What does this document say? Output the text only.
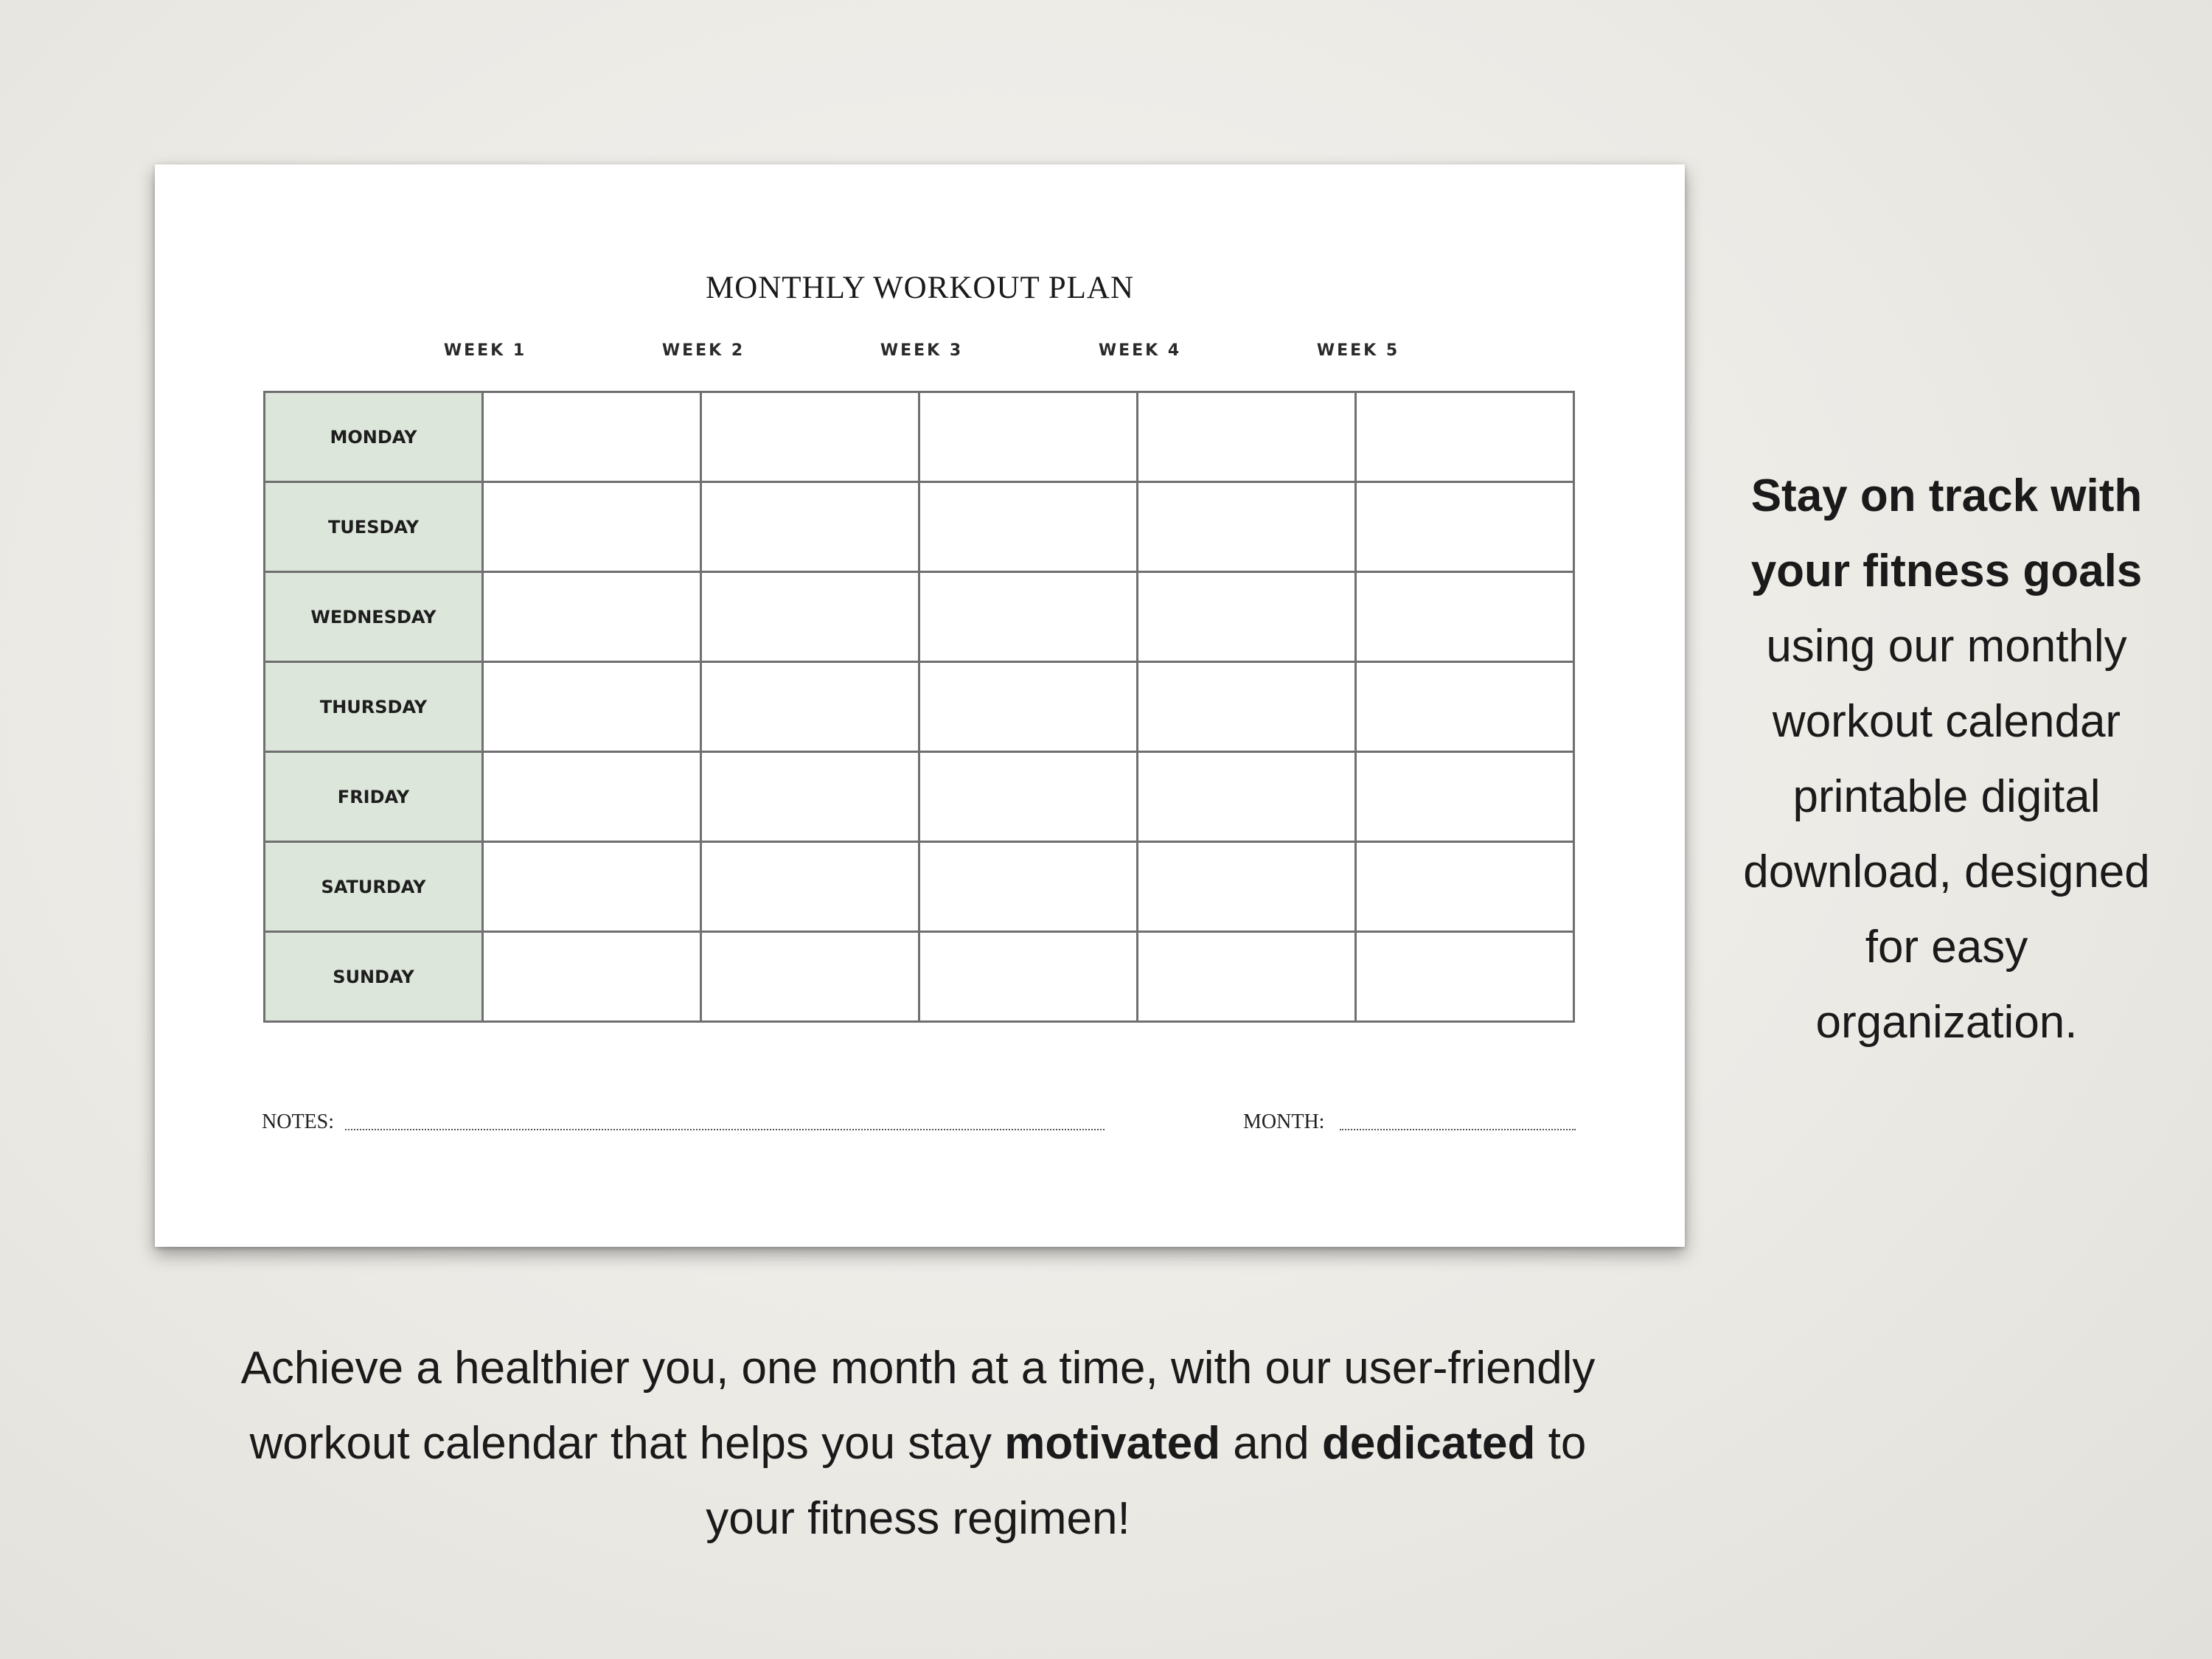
MONTHLY WORKOUT PLAN
WEEK 1	WEEK 2	WEEK 3	WEEK 4	WEEK 5
MONDAY					
TUESDAY					
WEDNESDAY					
THURSDAY					
FRIDAY					
SATURDAY					
SUNDAY					
NOTES:	MONTH:
Stay on track with your fitness goals using our monthly workout calendar printable digital download, designed for easy organization.
Achieve a healthier you, one month at a time, with our user-friendly workout calendar that helps you stay motivated and dedicated to your fitness regimen!
